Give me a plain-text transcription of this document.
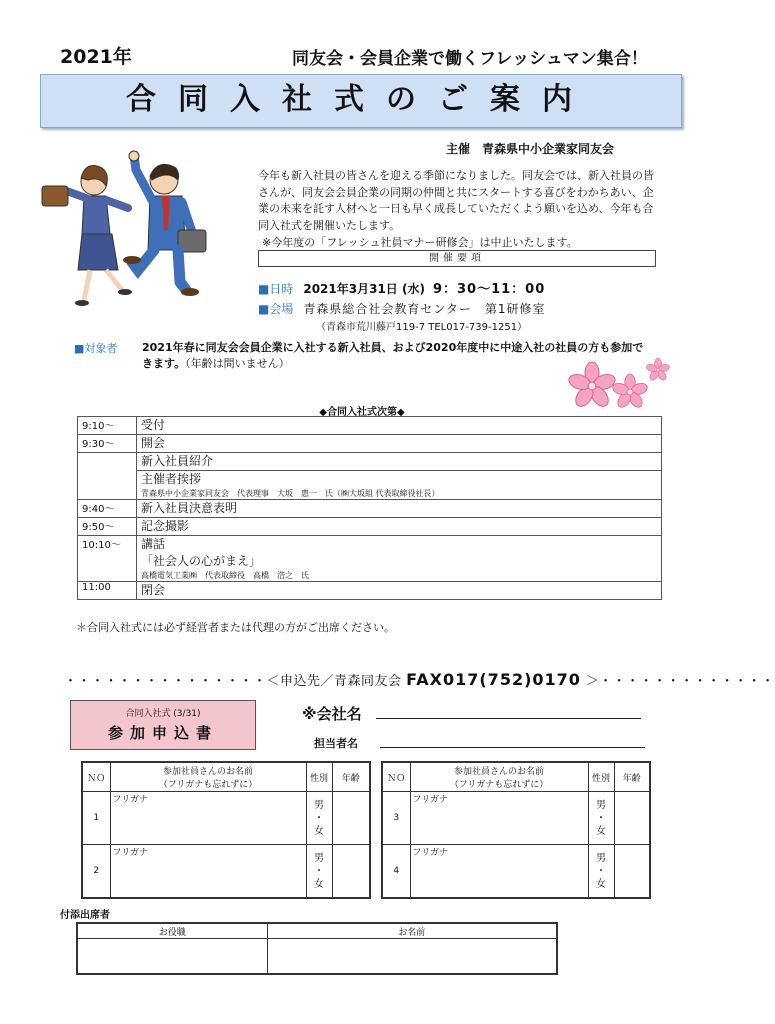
2021年	同友会・会員企業で働くフレッシュマン集合！
合同入社式のご案内
主催　青森県中小企業家同友会
今年も新入社員の皆さんを迎える季節になりました。同友会では、新入社員の皆さんが、同友会会員企業の同期の仲間と共にスタートする喜びをわかちあい、企業の未来を託す人材へと一日も早く成長していただくよう願いを込め、今年も合同入社式を開催いたします。
※今年度の「フレッシュ社員マナー研修会」は中止いたします。
開催要項
■日時 2021年3月31日 (水) 9：30～11：00
■会場 青森県総合社会教育センター　第1研修室
（青森市荒川藤戸119-7 TEL017-739-1251）
■対象者 2021年春に同友会会員企業に入社する新入社員、および2020年度中に中途入社の社員の方も参加できます。（年齢は問いません）
◆合同入社式次第◆
9:10～	受付
9:30～	開会
	新入社員紹介

	主催者挨拶
青森県中小企業家同友会　代表理事　大坂　惠一　氏（㈱大坂組 代表取締役社長）

9:40～	新入社員決意表明
9:50～	記念撮影
10:10～	講話
「社会人の心がまえ」
高橋電気工業㈱　代表取締役　高橋　浩之　氏

11:00	閉会
＊合同入社式には必ず経営者または代理の方がご出席ください。
・・・・・・・・・・・・・・・＜申込先／青森同友会 FAX017(752)0170 ＞・・・・・・・・・・・・・
合同入社式 (3/31)
参加申込書
※会社名
担当者名
ＮＯ	参加社員さんのお名前
（フリガナも忘れずに）	性別	年齢
1	フリガナ	男
・
女	
2	フリガナ	男
・
女	
ＮＯ	参加社員さんのお名前
（フリガナも忘れずに）	性別	年齢
3	フリガナ	男
・
女	
4	フリガナ	男
・
女	
付添出席者
お役職	お名前
